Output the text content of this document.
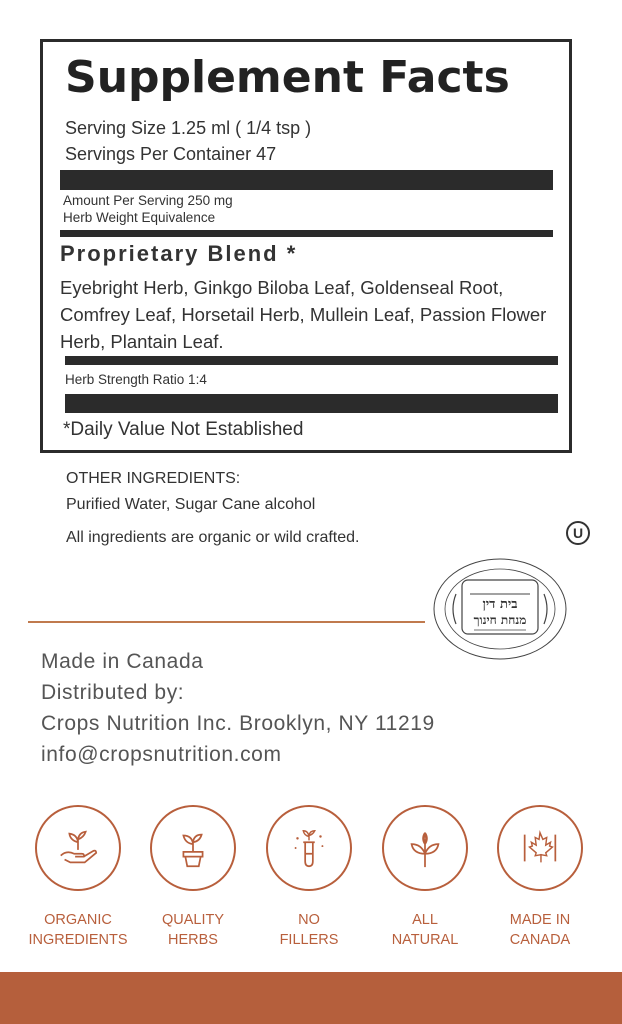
Supplement Facts
Serving Size 1.25 ml ( 1/4 tsp )
Servings Per Container 47
Amount Per Serving 250 mg
Herb Weight Equivalence
Proprietary Blend *
Eyebright Herb, Ginkgo Biloba Leaf, Goldenseal Root, Comfrey Leaf, Horsetail Herb, Mullein Leaf, Passion Flower Herb, Plantain Leaf.
Herb Strength Ratio 1:4
*Daily Value Not Established
OTHER INGREDIENTS:
Purified Water, Sugar Cane alcohol
All ingredients are organic or wild crafted.	U
בית דין
מנחת חינוך
Made in Canada
Distributed by:
Crops Nutrition Inc. Brooklyn, NY 11219
info@cropsnutrition.com
ORGANIC
INGREDIENTS
QUALITY
HERBS
NO
FILLERS
ALL
NATURAL
MADE IN
CANADA
